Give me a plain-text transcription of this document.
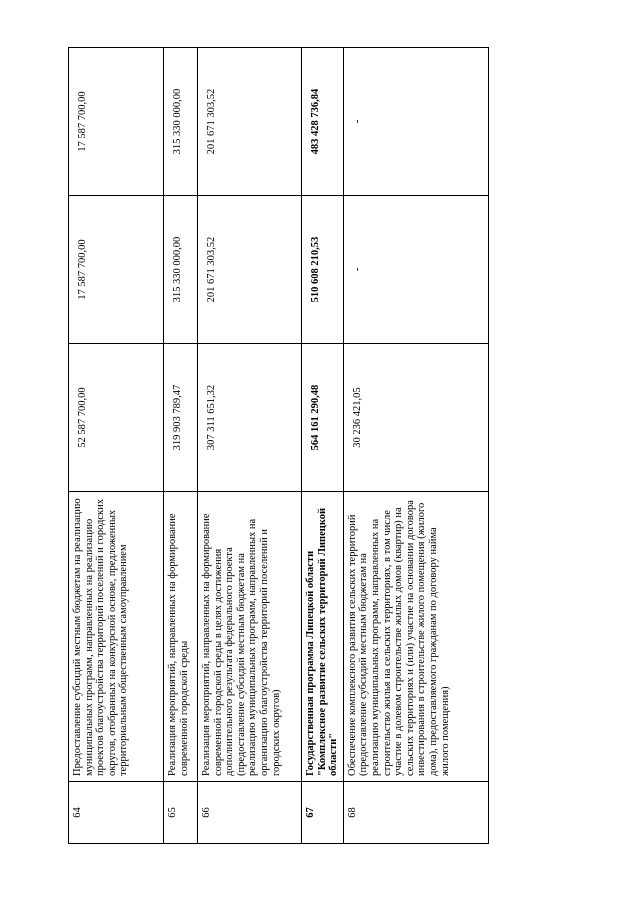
64	Предоставление субсидий местным бюджетам на реализацию муниципальных программ, направленных на реализацию проектов благоустройства территорий поселений и городских округов, отобранных на конкурсной основе, предложенных территориальным общественным самоуправлением	52 587 700,00	17 587 700,00	17 587 700,00
65	Реализация мероприятий, направленных на формирование современной городской среды	319 903 789,47	315 330 000,00	315 330 000,00
66	Реализация мероприятий, направленных на формирование современной городской среды в целях достижения дополнительного результата федерального проекта (предоставление субсидий местным бюджетам на реализацию муниципальных программ, направленных на организацию благоустройства территорий поселений и городских округов)	307 311 651,32	201 671 303,52	201 671 303,52
67	Государственная программа Липецкой области "Комплексное развитие сельских территорий Липецкой области"	564 161 290,48	510 608 210,53	483 428 736,84
68	Обеспечение комплексного развития сельских территорий (предоставление субсидий местным бюджетам на реализацию муниципальных программ, направленных на строительство жилья на сельских территориях, в том числе участие в долевом строительстве жилых домов (квартир) на сельских территориях и (или) участие на основании договора инвестирования в строительстве жилого помещения (жилого дома), предоставляемого гражданам по договору найма жилого помещения)	30 236 421,05	-	-
